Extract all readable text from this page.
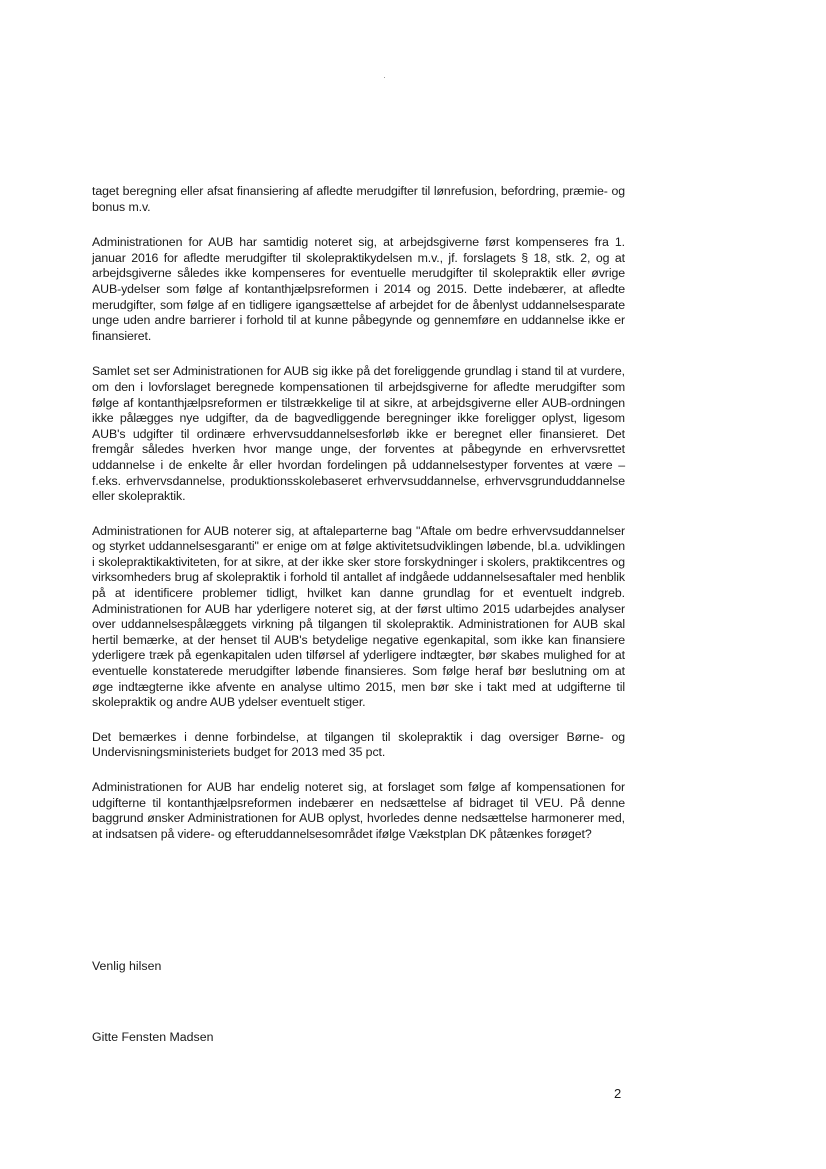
taget beregning eller afsat finansiering af afledte merudgifter til lønrefusion, befordring, præmie- og bonus m.v.

Administrationen for AUB har samtidig noteret sig, at arbejdsgiverne først kompenseres fra 1. januar 2016 for afledte merudgifter til skolepraktikydelsen m.v., jf. forslagets § 18, stk. 2, og at arbejdsgiverne således ikke kompenseres for eventuelle merudgifter til skolepraktik eller øvrige AUB-ydelser som følge af kontanthjælpsreformen i 2014 og 2015. Dette indebærer, at afledte merudgifter, som følge af en tidligere igangsættelse af arbejdet for de åbenlyst uddannelsesparate unge uden andre barrierer i forhold til at kunne påbegynde og gennemføre en uddannelse ikke er finansieret.

Samlet set ser Administrationen for AUB sig ikke på det foreliggende grundlag i stand til at vurdere, om den i lovforslaget beregnede kompensationen til arbejdsgiverne for afledte merudgifter som følge af kontanthjælpsreformen er tilstrækkelige til at sikre, at arbejdsgiverne eller AUB-ordningen ikke pålægges nye udgifter, da de bagvedliggende beregninger ikke foreligger oplyst, ligesom AUB's udgifter til ordinære erhvervsuddannelsesforløb ikke er beregnet eller finansieret. Det fremgår således hverken hvor mange unge, der forventes at påbegynde en erhvervsrettet uddannelse i de enkelte år eller hvordan fordelingen på uddannelsestyper forventes at være – f.eks. erhvervsdannelse, produktionsskolebaseret erhvervsuddannelse, erhvervsgrunduddannelse eller skolepraktik.

Administrationen for AUB noterer sig, at aftaleparterne bag "Aftale om bedre erhvervsuddannelser og styrket uddannelsesgaranti" er enige om at følge aktivitetsudviklingen løbende, bl.a. udviklingen i skolepraktikaktiviteten, for at sikre, at der ikke sker store forskydninger i skolers, praktikcentres og virksomheders brug af skolepraktik i forhold til antallet af indgåede uddannelsesaftaler med henblik på at identificere problemer tidligt, hvilket kan danne grundlag for et eventuelt indgreb. Administrationen for AUB har yderligere noteret sig, at der først ultimo 2015 udarbejdes analyser over uddannelsespålæggets virkning på tilgangen til skolepraktik. Administrationen for AUB skal hertil bemærke, at der henset til AUB's betydelige negative egenkapital, som ikke kan finansiere yderligere træk på egenkapitalen uden tilførsel af yderligere indtægter, bør skabes mulighed for at eventuelle konstaterede merudgifter løbende finansieres. Som følge heraf bør beslutning om at øge indtægterne ikke afvente en analyse ultimo 2015, men bør ske i takt med at udgifterne til skolepraktik og andre AUB ydelser eventuelt stiger.

Det bemærkes i denne forbindelse, at tilgangen til skolepraktik i dag oversiger Børne- og Undervisningsministeriets budget for 2013 med 35 pct.

Administrationen for AUB har endelig noteret sig, at forslaget som følge af kompensationen for udgifterne til kontanthjælpsreformen indebærer en nedsættelse af bidraget til VEU. På denne baggrund ønsker Administrationen for AUB oplyst, hvorledes denne nedsættelse harmonerer med, at indsatsen på videre- og efteruddannelsesområdet ifølge Vækstplan DK påtænkes forøget?

Venlig hilsen

Gitte Fensten Madsen

2
